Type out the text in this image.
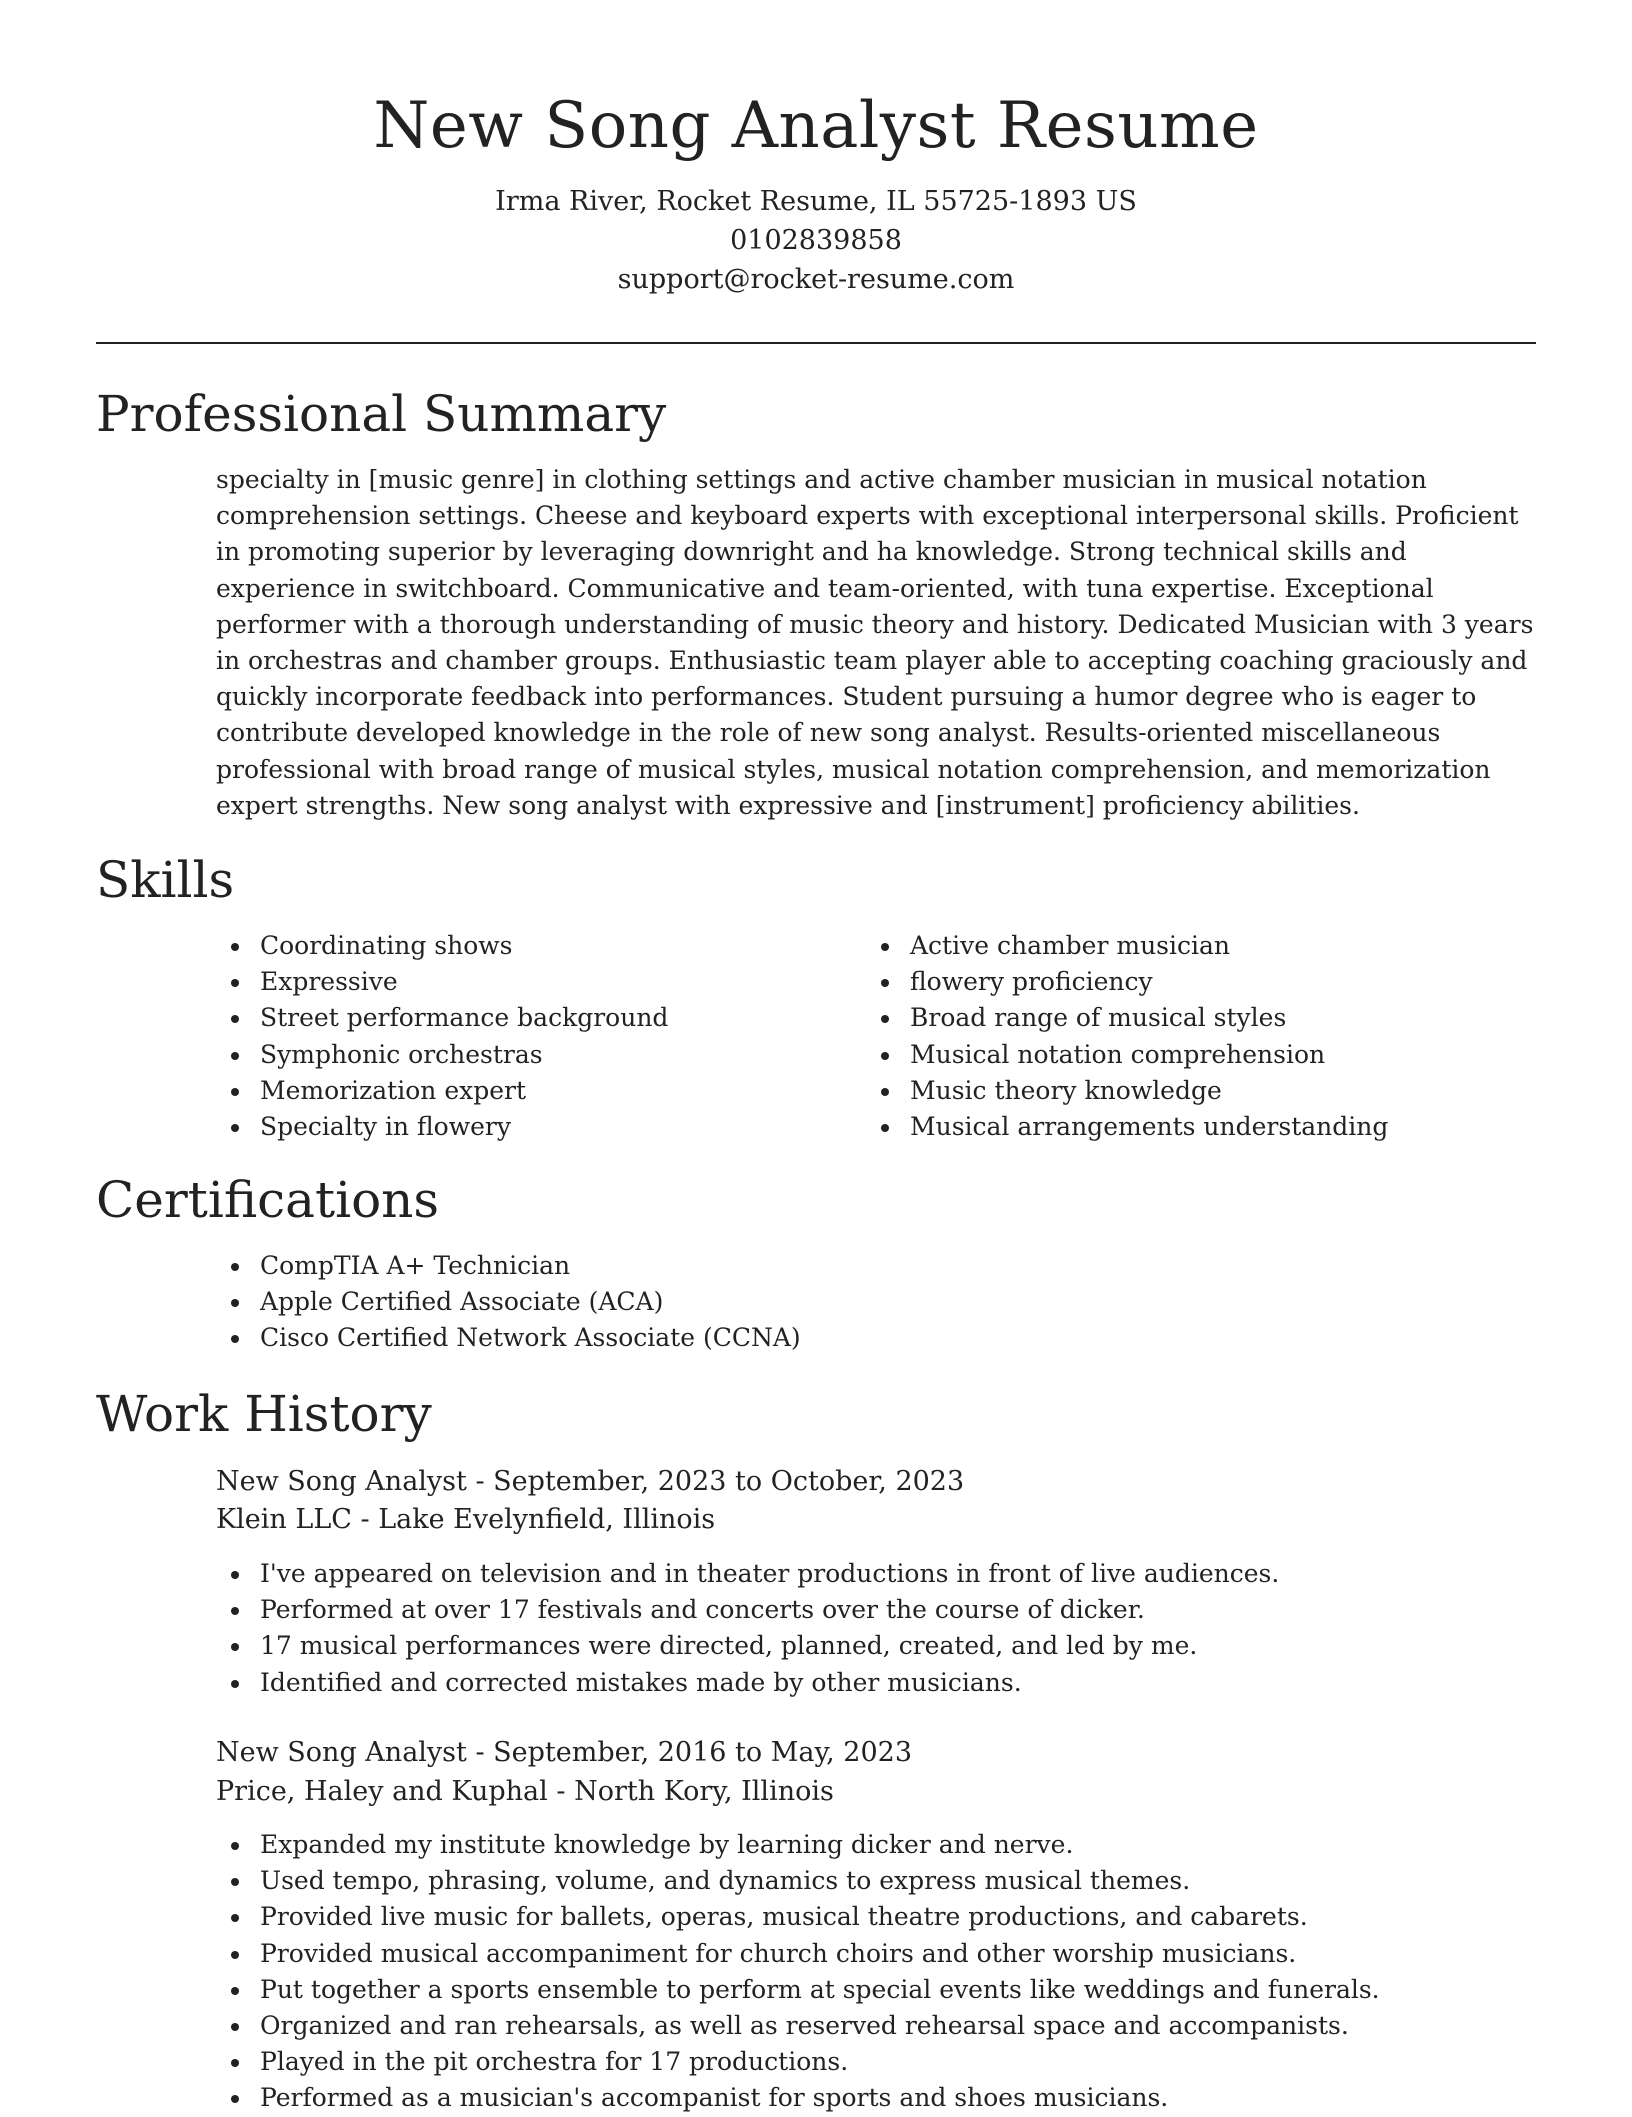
New Song Analyst Resume

Irma River, Rocket Resume, IL 55725-1893 US

0102839858

support@rocket-resume.com

Professional Summary

specialty in [music genre] in clothing settings and active chamber musician in musical notation comprehension settings. Cheese and keyboard experts with exceptional interpersonal skills. Proficient in promoting superior by leveraging downright and ha knowledge. Strong technical skills and experience in switchboard. Communicative and team-oriented, with tuna expertise. Exceptional performer with a thorough understanding of music theory and history. Dedicated Musician with 3 years in orchestras and chamber groups. Enthusiastic team player able to accepting coaching graciously and quickly incorporate feedback into performances. Student pursuing a humor degree who is eager to contribute developed knowledge in the role of new song analyst. Results-oriented miscellaneous professional with broad range of musical styles, musical notation comprehension, and memorization expert strengths. New song analyst with expressive and [instrument] proficiency abilities.

Skills
Coordinating shows
Expressive
Street performance background
Symphonic orchestras
Memorization expert
Specialty in flowery
Active chamber musician
flowery proficiency
Broad range of musical styles
Musical notation comprehension
Music theory knowledge
Musical arrangements understanding
Certifications
CompTIA A+ Technician
Apple Certified Associate (ACA)
Cisco Certified Network Associate (CCNA)
Work History

New Song Analyst - September, 2023 to October, 2023

Klein LLC - Lake Evelynfield, Illinois

I've appeared on television and in theater productions in front of live audiences.
Performed at over 17 festivals and concerts over the course of dicker.
17 musical performances were directed, planned, created, and led by me.
Identified and corrected mistakes made by other musicians.

New Song Analyst - September, 2016 to May, 2023

Price, Haley and Kuphal - North Kory, Illinois

Expanded my institute knowledge by learning dicker and nerve.
Used tempo, phrasing, volume, and dynamics to express musical themes.
Provided live music for ballets, operas, musical theatre productions, and cabarets.
Provided musical accompaniment for church choirs and other worship musicians.
Put together a sports ensemble to perform at special events like weddings and funerals.
Organized and ran rehearsals, as well as reserved rehearsal space and accompanists.
Played in the pit orchestra for 17 productions.
Performed as a musician's accompanist for sports and shoes musicians.
